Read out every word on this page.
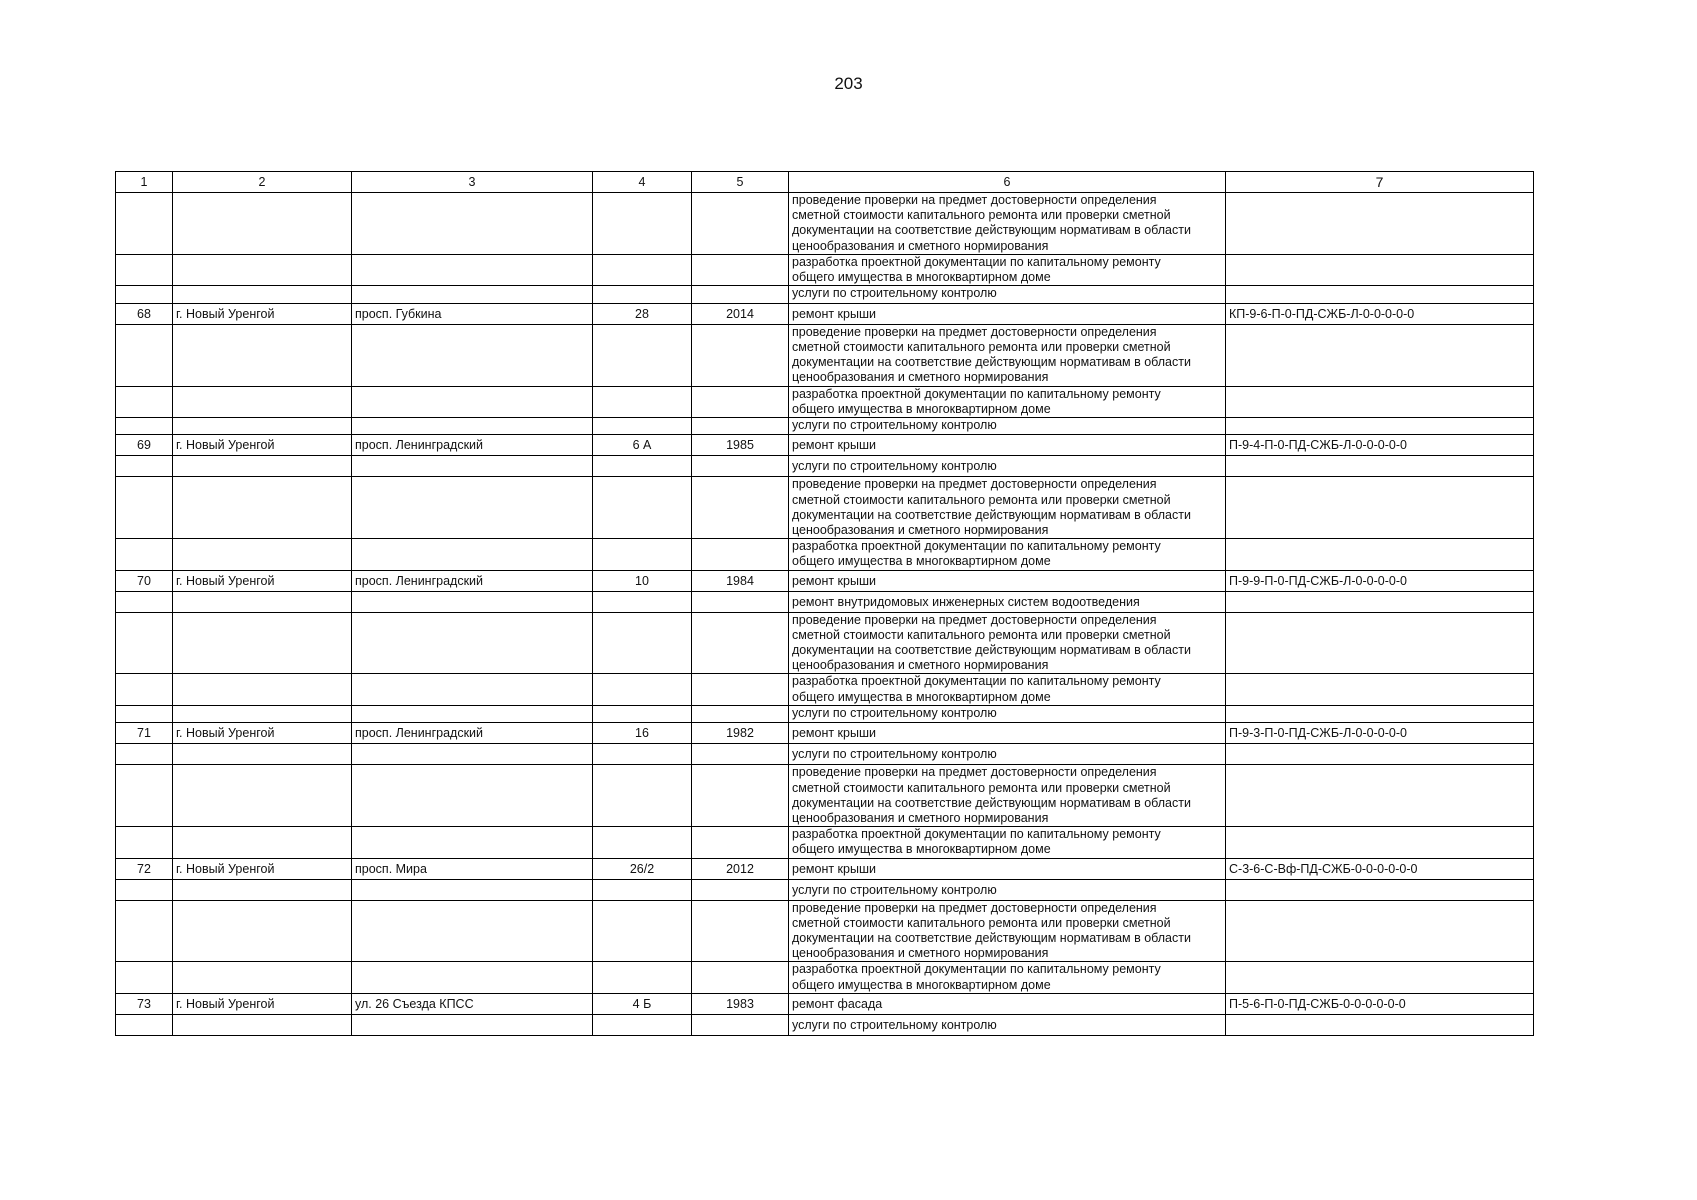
203
1	2	3	4	5	6	7
					проведение проверки на предмет достоверности определения
сметной стоимости капитального ремонта или проверки сметной
документации на соответствие действующим нормативам в области
ценообразования и сметного нормирования	
					разработка проектной документации по капитальному ремонту
общего имущества в многоквартирном доме	
					услуги по строительному контролю	
68	г. Новый Уренгой	просп. Губкина	28	2014	ремонт крыши	КП-9-6-П-0-ПД-СЖБ-Л-0-0-0-0-0
					проведение проверки на предмет достоверности определения
сметной стоимости капитального ремонта или проверки сметной
документации на соответствие действующим нормативам в области
ценообразования и сметного нормирования	
					разработка проектной документации по капитальному ремонту
общего имущества в многоквартирном доме	
					услуги по строительному контролю	
69	г. Новый Уренгой	просп. Ленинградский	6 А	1985	ремонт крыши	П-9-4-П-0-ПД-СЖБ-Л-0-0-0-0-0
					услуги по строительному контролю	
					проведение проверки на предмет достоверности определения
сметной стоимости капитального ремонта или проверки сметной
документации на соответствие действующим нормативам в области
ценообразования и сметного нормирования	
					разработка проектной документации по капитальному ремонту
общего имущества в многоквартирном доме	
70	г. Новый Уренгой	просп. Ленинградский	10	1984	ремонт крыши	П-9-9-П-0-ПД-СЖБ-Л-0-0-0-0-0
					ремонт внутридомовых инженерных систем водоотведения	
					проведение проверки на предмет достоверности определения
сметной стоимости капитального ремонта или проверки сметной
документации на соответствие действующим нормативам в области
ценообразования и сметного нормирования	
					разработка проектной документации по капитальному ремонту
общего имущества в многоквартирном доме	
					услуги по строительному контролю	
71	г. Новый Уренгой	просп. Ленинградский	16	1982	ремонт крыши	П-9-3-П-0-ПД-СЖБ-Л-0-0-0-0-0
					услуги по строительному контролю	
					проведение проверки на предмет достоверности определения
сметной стоимости капитального ремонта или проверки сметной
документации на соответствие действующим нормативам в области
ценообразования и сметного нормирования	
					разработка проектной документации по капитальному ремонту
общего имущества в многоквартирном доме	
72	г. Новый Уренгой	просп. Мира	26/2	2012	ремонт крыши	С-3-6-С-Вф-ПД-СЖБ-0-0-0-0-0-0
					услуги по строительному контролю	
					проведение проверки на предмет достоверности определения
сметной стоимости капитального ремонта или проверки сметной
документации на соответствие действующим нормативам в области
ценообразования и сметного нормирования	
					разработка проектной документации по капитальному ремонту
общего имущества в многоквартирном доме	
73	г. Новый Уренгой	ул. 26 Съезда КПСС	4 Б	1983	ремонт фасада	П-5-6-П-0-ПД-СЖБ-0-0-0-0-0-0
					услуги по строительному контролю	
